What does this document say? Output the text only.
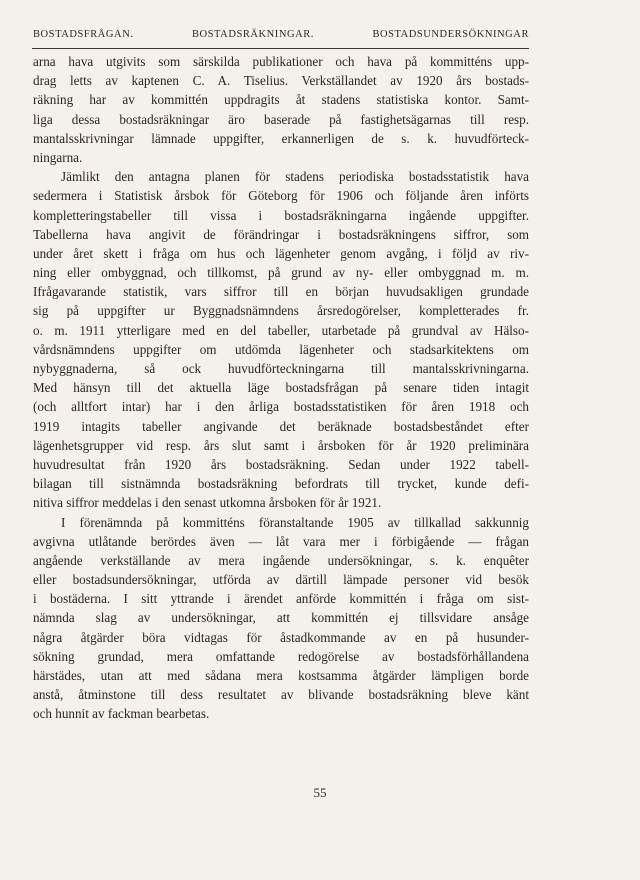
BOSTADSFRÅGAN.	BOSTADSRÄKNINGAR.	BOSTADSUNDERSÖKNINGAR
arna hava utgivits som särskilda publikationer och hava på kommitténs upp-
drag letts av kaptenen C. A. Tiselius. Verkställandet av 1920 års bostads-
räkning har av kommittén uppdragits åt stadens statistiska kontor. Samt-
liga dessa bostadsräkningar äro baserade på fastighetsägarnas till resp.
mantalsskrivningar lämnade uppgifter, erkannerligen de s. k. huvudförteck-
ningarna.
Jämlikt den antagna planen för stadens periodiska bostadsstatistik hava
sedermera i Statistisk årsbok för Göteborg för 1906 och följande åren införts
kompletteringstabeller till vissa i bostadsräkningarna ingående uppgifter.
Tabellerna hava angivit de förändringar i bostadsräkningens siffror, som
under året skett i fråga om hus och lägenheter genom avgång, i följd av riv-
ning eller ombyggnad, och tillkomst, på grund av ny- eller ombyggnad m. m.
Ifrågavarande statistik, vars siffror till en början huvudsakligen grundade
sig på uppgifter ur Byggnadsnämndens årsredogörelser, kompletterades fr.
o. m. 1911 ytterligare med en del tabeller, utarbetade på grundval av Hälso-
vårdsnämndens uppgifter om utdömda lägenheter och stadsarkitektens om
nybyggnaderna, så ock huvudförteckningarna till mantalsskrivningarna.
Med hänsyn till det aktuella läge bostadsfrågan på senare tiden intagit
(och alltfort intar) har i den årliga bostadsstatistiken för åren 1918 och
1919 intagits tabeller angivande det beräknade bostadsbeståndet efter
lägenhetsgrupper vid resp. års slut samt i årsboken för år 1920 preliminära
huvudresultat från 1920 års bostadsräkning. Sedan under 1922 tabell-
bilagan till sistnämnda bostadsräkning befordrats till trycket, kunde defi-
nitiva siffror meddelas i den senast utkomna årsboken för år 1921.
I förenämnda på kommitténs föranstaltande 1905 av tillkallad sakkunnig
avgivna utlåtande berördes även — låt vara mer i förbigående — frågan
angående verkställande av mera ingående undersökningar, s. k. enquêter
eller bostadsundersökningar, utförda av därtill lämpade personer vid besök
i bostäderna. I sitt yttrande i ärendet anförde kommittén i fråga om sist-
nämnda slag av undersökningar, att kommittén ej tillsvidare ansåge
några åtgärder böra vidtagas för åstadkommande av en på husunder-
sökning grundad, mera omfattande redogörelse av bostadsförhållandena
härstädes, utan att med sådana mera kostsamma åtgärder lämpligen borde
anstå, åtminstone till dess resultatet av blivande bostadsräkning bleve känt
och hunnit av fackman bearbetas.
55
